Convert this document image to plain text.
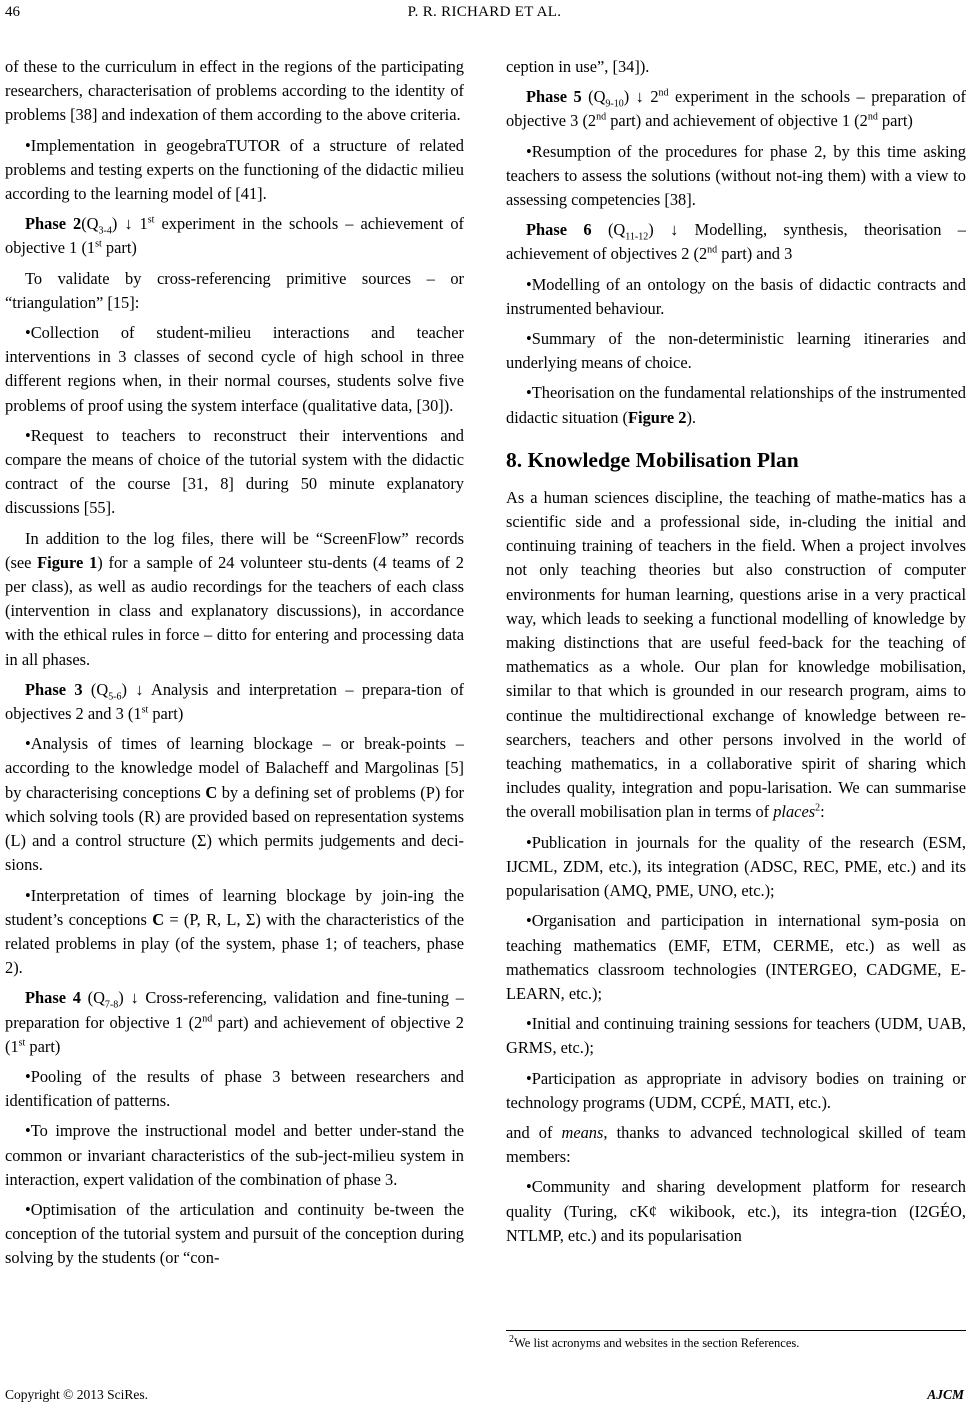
46	P. R. RICHARD ET AL.

of these to the curriculum in effect in the regions of the participating researchers, characterisation of problems according to the identity of problems [38] and indexation of them according to the above criteria.

•Implementation in geogebraTUTOR of a structure of related problems and testing experts on the functioning of the didactic milieu according to the learning model of [41].

Phase $2(Q_{3-4})$ ↓ 1st experiment in the schools – achievement of objective 1 (1st part)

To validate by cross-referencing primitive sources – or “triangulation” [15]:

•Collection of student-milieu interactions and teacher interventions in 3 classes of second cycle of high school in three different regions when, in their normal courses, students solve five problems of proof using the system interface (qualitative data, [30]).

•Request to teachers to reconstruct their interventions and compare the means of choice of the tutorial system with the didactic contract of the course [31, 8] during 50 minute explanatory discussions [55].

In addition to the log files, there will be “ScreenFlow” records (see Figure 1) for a sample of 24 volunteer stu-dents (4 teams of 2 per class), as well as audio recordings for the teachers of each class (intervention in class and explanatory discussions), in accordance with the ethical rules in force – ditto for entering and processing data in all phases.

Phase 3 $(Q_{5-6})$ ↓ Analysis and interpretation – prepara-tion of objectives 2 and 3 (1st part)

•Analysis of times of learning blockage – or break-points – according to the knowledge model of Balacheff and Margolinas [5] by characterising conceptions C by a defining set of problems (P) for which solving tools (R) are provided based on representation systems (L) and a control structure (Σ) which permits judgements and deci-sions.

•Interpretation of times of learning blockage by join-ing the student’s conceptions C = (P, R, L, Σ) with the characteristics of the related problems in play (of the system, phase 1; of teachers, phase 2).

Phase 4 $(Q_{7-8})$ ↓ Cross-referencing, validation and fine-tuning – preparation for objective 1 (2nd part) and achievement of objective 2 (1st part)

•Pooling of the results of phase 3 between researchers and identification of patterns.

•To improve the instructional model and better under-stand the common or invariant characteristics of the sub-ject-milieu system in interaction, expert validation of the combination of phase 3.

•Optimisation of the articulation and continuity be-tween the conception of the tutorial system and pursuit of the conception during solving by the students (or “con-

ception in use”, [34]).

Phase 5 $(Q_{9-10})$ ↓ 2nd experiment in the schools – preparation of objective 3 (2nd part) and achievement of objective 1 (2nd part)

•Resumption of the procedures for phase 2, by this time asking teachers to assess the solutions (without not-ing them) with a view to assessing competencies [38].

Phase 6 $(Q_{11-12})$ ↓ Modelling, synthesis, theorisation – achievement of objectives 2 (2nd part) and 3

•Modelling of an ontology on the basis of didactic contracts and instrumented behaviour.

•Summary of the non-deterministic learning itineraries and underlying means of choice.

•Theorisation on the fundamental relationships of the instrumented didactic situation (Figure 2).

8. Knowledge Mobilisation Plan

As a human sciences discipline, the teaching of mathe-matics has a scientific side and a professional side, in-cluding the initial and continuing training of teachers in the field. When a project involves not only teaching theories but also construction of computer environments for human learning, questions arise in a very practical way, which leads to seeking a functional modelling of knowledge by making distinctions that are useful feed-back for the teaching of mathematics as a whole. Our plan for knowledge mobilisation, similar to that which is grounded in our research program, aims to continue the multidirectional exchange of knowledge between re-searchers, teachers and other persons involved in the world of teaching mathematics, in a collaborative spirit of sharing which includes quality, integration and popu-larisation. We can summarise the overall mobilisation plan in terms of places$^2$:

•Publication in journals for the quality of the research (ESM, IJCML, ZDM, etc.), its integration (ADSC, REC, PME, etc.) and its popularisation (AMQ, PME, UNO, etc.);

•Organisation and participation in international sym-posia on teaching mathematics (EMF, ETM, CERME, etc.) as well as mathematics classroom technologies (INTERGEO, CADGME, E-LEARN, etc.);

•Initial and continuing training sessions for teachers (UDM, UAB, GRMS, etc.);

•Participation as appropriate in advisory bodies on training or technology programs (UDM, CCPÉ, MATI, etc.).

and of means, thanks to advanced technological skilled of team members:

•Community and sharing development platform for research quality (Turing, cK¢ wikibook, etc.), its integra-tion (I2GÉO, NTLMP, etc.) and its popularisation

$^2$We list acronyms and websites in the section References.
Copyright © 2013 SciRes.	AJCM
